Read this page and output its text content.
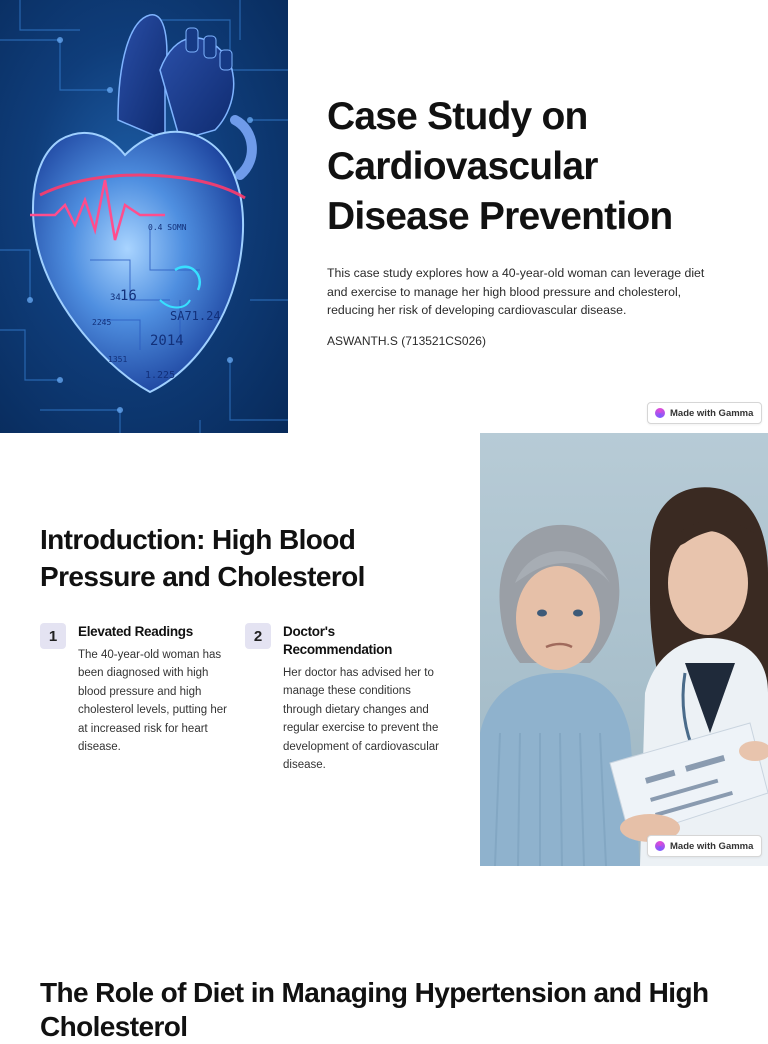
0.4 SOMN
16
SA71.24
2014
1.225
2245
1351
34
Case Study on Cardiovascular Disease Prevention

This case study explores how a 40-year-old woman can leverage diet and exercise to manage her high blood pressure and cholesterol, reducing her risk of developing cardiovascular disease.

ASWANTH.S (713521CS026)

Made with Gamma
Introduction: High Blood Pressure and Cholesterol
1	Elevated Readings
The 40-year-old woman has been diagnosed with high blood pressure and high cholesterol levels, putting her at increased risk for heart disease.
2	Doctor's Recommendation
Her doctor has advised her to manage these conditions through dietary changes and regular exercise to prevent the development of cardiovascular disease.
Made with Gamma
The Role of Diet in Managing Hypertension and High Cholesterol
